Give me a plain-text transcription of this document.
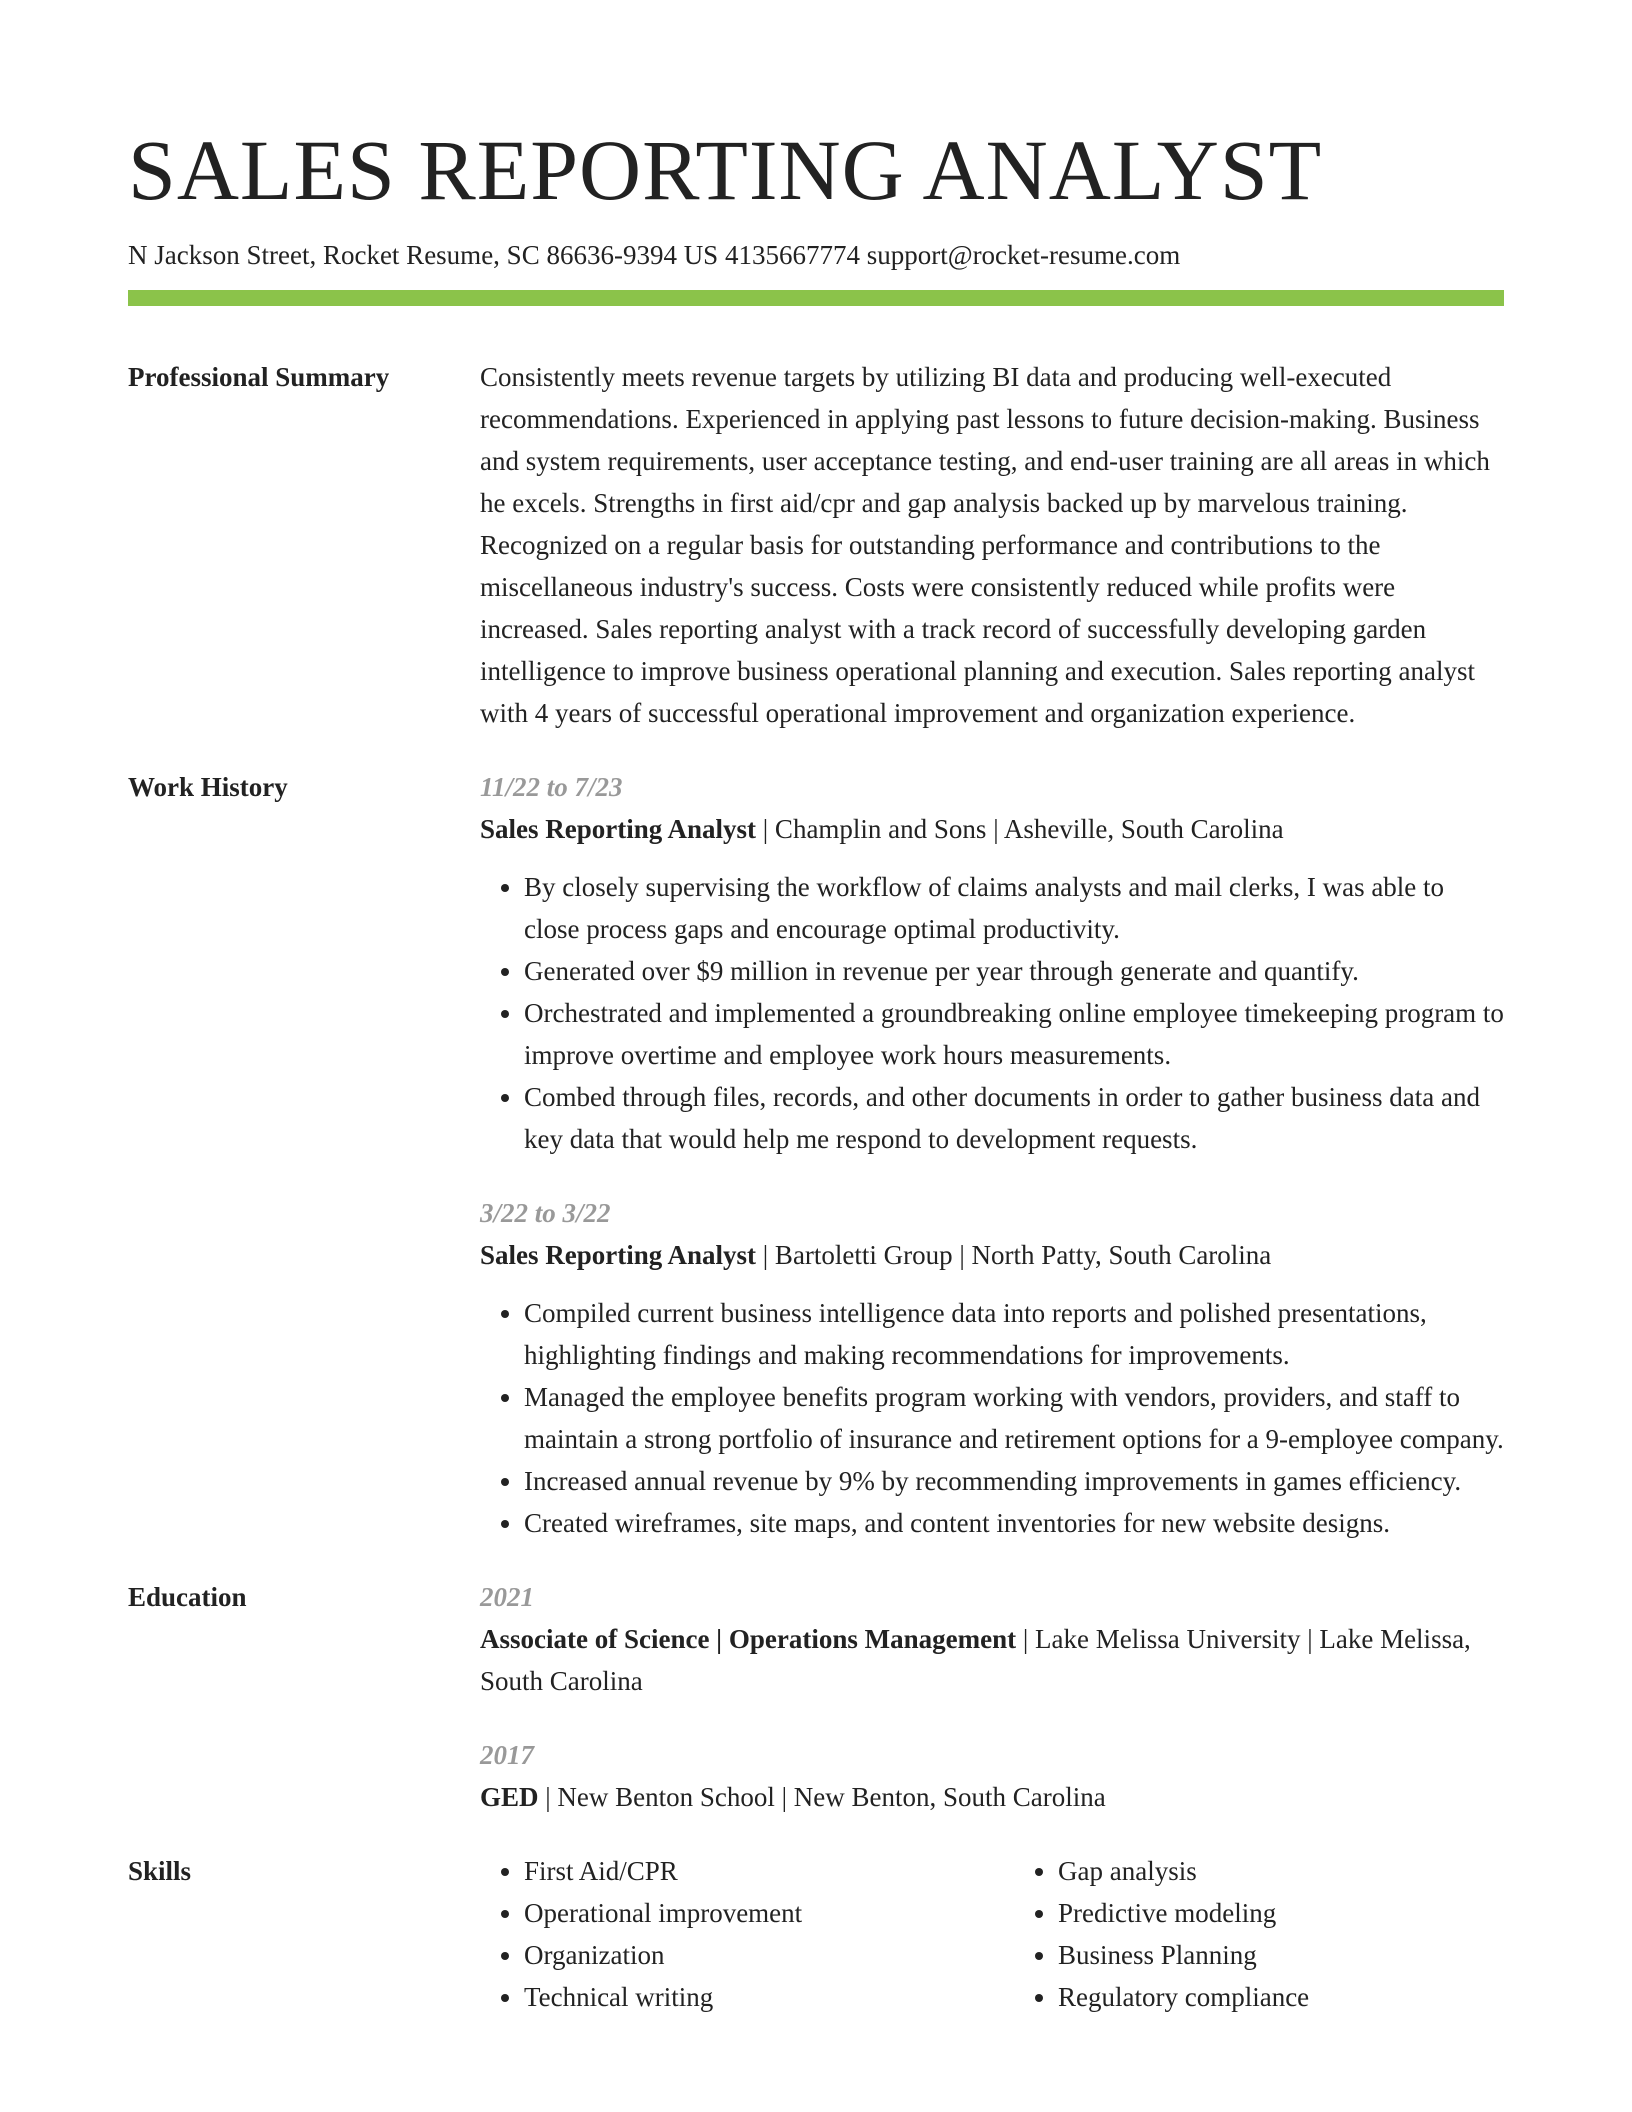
SALES REPORTING ANALYST
N Jackson Street, Rocket Resume, SC 86636-9394 US 4135667774 support@rocket-resume.com
Professional Summary	Consistently meets revenue targets by utilizing BI data and producing well-executed recommendations. Experienced in applying past lessons to future decision-making. Business and system requirements, user acceptance testing, and end-user training are all areas in which he excels. Strengths in first aid/cpr and gap analysis backed up by marvelous training. Recognized on a regular basis for outstanding performance and contributions to the miscellaneous industry's success. Costs were consistently reduced while profits were increased. Sales reporting analyst with a track record of successfully developing garden intelligence to improve business operational planning and execution. Sales reporting analyst with 4 years of successful operational improvement and organization experience.
Work History	11/22 to 7/23
Sales Reporting Analyst | Champlin and Sons | Asheville, South Carolina
• By closely supervising the workflow of claims analysts and mail clerks, I was able to close process gaps and encourage optimal productivity.
• Generated over $9 million in revenue per year through generate and quantify.
• Orchestrated and implemented a groundbreaking online employee timekeeping program to improve overtime and employee work hours measurements.
• Combed through files, records, and other documents in order to gather business data and key data that would help me respond to development requests.
3/22 to 3/22
Sales Reporting Analyst | Bartoletti Group | North Patty, South Carolina
• Compiled current business intelligence data into reports and polished presentations, highlighting findings and making recommendations for improvements.
• Managed the employee benefits program working with vendors, providers, and staff to maintain a strong portfolio of insurance and retirement options for a 9-employee company.
• Increased annual revenue by 9% by recommending improvements in games efficiency.
• Created wireframes, site maps, and content inventories for new website designs.
Education	2021
Associate of Science | Operations Management | Lake Melissa University | Lake Melissa, South Carolina
2017
GED | New Benton School | New Benton, South Carolina
Skills
•	First Aid/CPR
• Operational improvement
• Organization
• Technical writing
• Gap analysis
• Predictive modeling
• Business Planning
• Regulatory compliance
